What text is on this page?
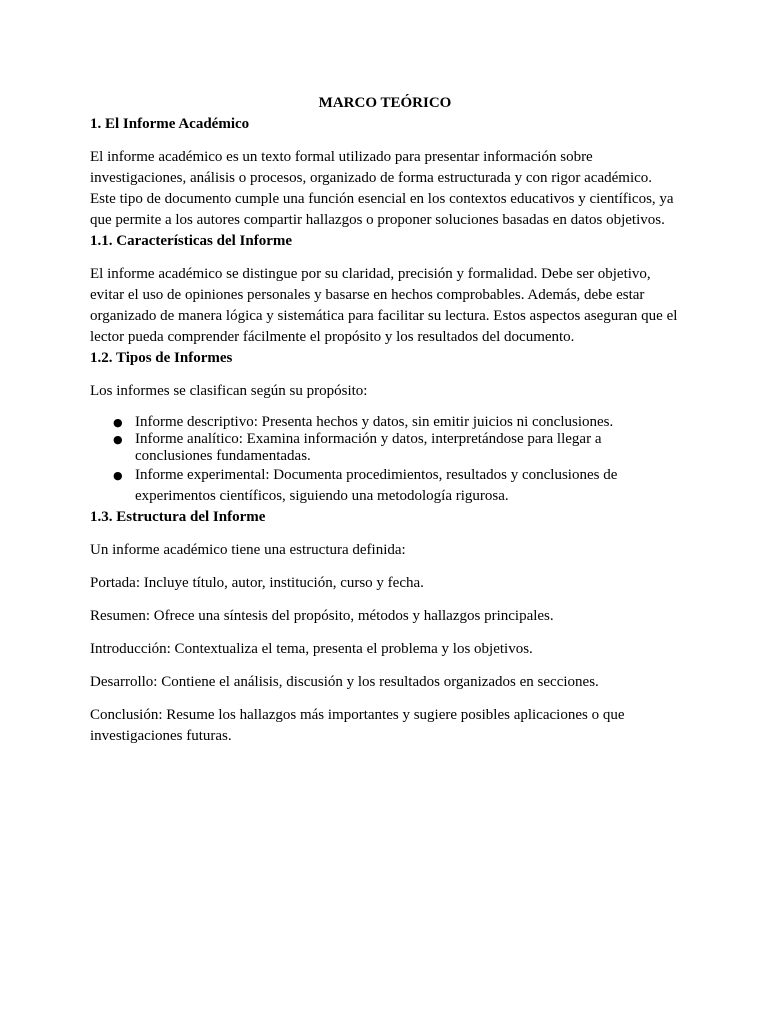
MARCO TEÓRICO
1. El Informe Académico

El informe académico es un texto formal utilizado para presentar información sobre investigaciones, análisis o procesos, organizado de forma estructurada y con rigor académico. Este tipo de documento cumple una función esencial en los contextos educativos y científicos, ya que permite a los autores compartir hallazgos o proponer soluciones basadas en datos objetivos.

1.1. Características del Informe

El informe académico se distingue por su claridad, precisión y formalidad. Debe ser objetivo, evitar el uso de opiniones personales y basarse en hechos comprobables. Además, debe estar organizado de manera lógica y sistemática para facilitar su lectura. Estos aspectos aseguran que el lector pueda comprender fácilmente el propósito y los resultados del documento.

1.2. Tipos de Informes

Los informes se clasifican según su propósito:

● Informe descriptivo: Presenta hechos y datos, sin emitir juicios ni conclusiones.
● Informe analítico: Examina información y datos, interpretándose para llegar a conclusiones fundamentadas.
● Informe experimental: Documenta procedimientos, resultados y conclusiones de experimentos científicos, siguiendo una metodología rigurosa.
1.3. Estructura del Informe

Un informe académico tiene una estructura definida:

Portada: Incluye título, autor, institución, curso y fecha.

Resumen: Ofrece una síntesis del propósito, métodos y hallazgos principales.

Introducción: Contextualiza el tema, presenta el problema y los objetivos.

Desarrollo: Contiene el análisis, discusión y los resultados organizados en secciones.

Conclusión: Resume los hallazgos más importantes y sugiere posibles aplicaciones o que investigaciones futuras.
